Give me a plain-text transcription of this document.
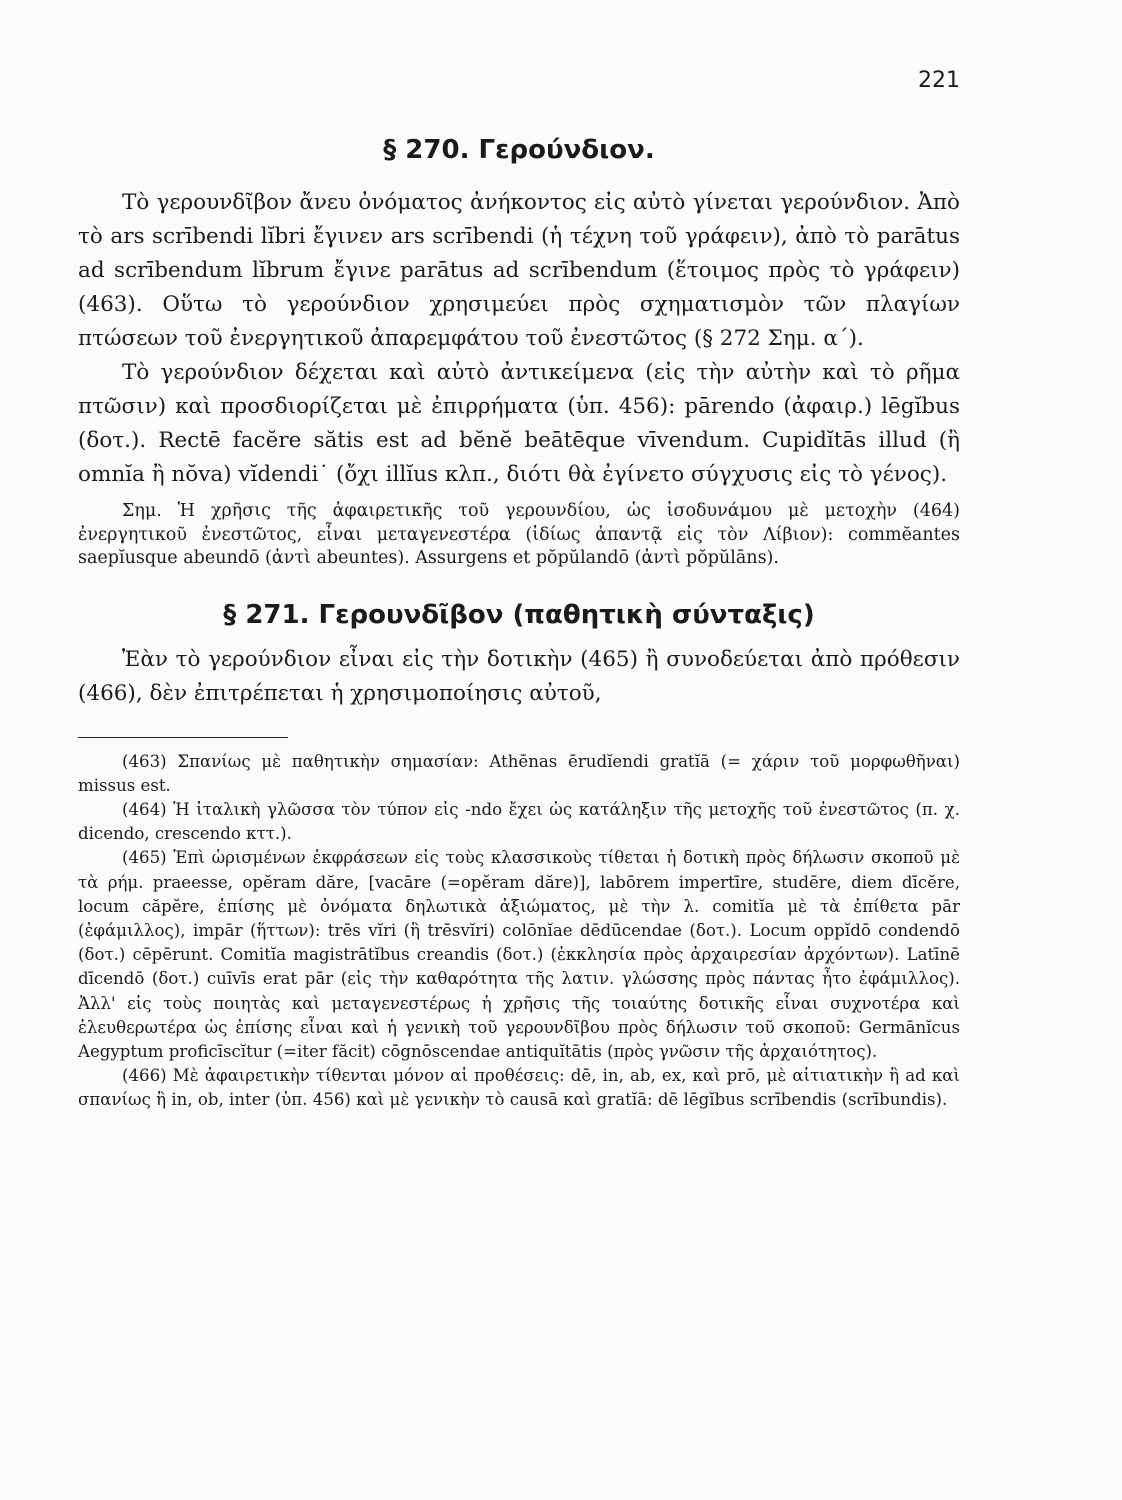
221
§ 270. Γερούνδιον.

Τὸ γερουνδῖβον ἄνευ ὀνόματος ἀνήκοντος εἰς αὐτὸ γίνεται γερούνδιον. Ἀπὸ τὸ ars scrībendi lĭbri ἔγινεν ars scrībendi (ἡ τέχνη τοῦ γράφειν), ἀπὸ τὸ parātus ad scrībendum lĭbrum ἔγινε parātus ad scrībendum (ἕτοιμος πρὸς τὸ γράφειν) (463). Οὕτω τὸ γερούνδιον χρησιμεύει πρὸς σχηματισμὸν τῶν πλαγίων πτώσεων τοῦ ἐνεργητικοῦ ἀπαρεμφάτου τοῦ ἐνεστῶτος (§ 272 Σημ. α΄).

Τὸ γερούνδιον δέχεται καὶ αὐτὸ ἀντικείμενα (εἰς τὴν αὐτὴν καὶ τὸ ρῆμα πτῶσιν) καὶ προσδιορίζεται μὲ ἐπιρρήματα (ὑπ. 456): pārendo (ἀφαιρ.) lēgĭbus (δοτ.). Rectē facĕre sătis est ad bĕnĕ beātēque vīvendum. Cupidĭtās illud (ἢ omnĭa ἢ nŏva) vĭdendi˙ (ὄχι illĭus κλπ., διότι θὰ ἐγίνετο σύγχυσις εἰς τὸ γένος).

Σημ. Ἡ χρῆσις τῆς ἀφαιρετικῆς τοῦ γερουνδίου, ὡς ἰσοδυνάμου μὲ μετοχὴν (464) ἐνεργητικοῦ ἐνεστῶτος, εἶναι μεταγενεστέρα (ἰδίως ἀπαντᾷ εἰς τὸν Λίβιον): commĕantes saepĭusque abeundō (ἀντὶ abeuntes). Assurgens et pŏpŭlandō (ἀντὶ pŏpŭlāns).

§ 271. Γερουνδῖβον (παθητικὴ σύνταξις)

Ἐὰν τὸ γερούνδιον εἶναι εἰς τὴν δοτικὴν (465) ἢ συνοδεύεται ἀπὸ πρόθεσιν (466), δὲν ἐπιτρέπεται ἡ χρησιμοποίησις αὐτοῦ,

(463) Σπανίως μὲ παθητικὴν σημασίαν: Athēnas ērudĭendi gratĭā (= χάριν τοῦ μορφωθῆναι) missus est.

(464) Ἡ ἰταλικὴ γλῶσσα τὸν τύπον εἰς -ndo ἔχει ὡς κατάληξιν τῆς μετοχῆς τοῦ ἐνεστῶτος (π. χ. dicendo, crescendo κττ.).

(465) Ἐπὶ ὡρισμένων ἐκφράσεων εἰς τοὺς κλασσικοὺς τίθεται ἡ δοτικὴ πρὸς δήλωσιν σκοποῦ μὲ τὰ ρήμ. praeesse, opĕram dăre, [vacāre (=opĕram dăre)], labōrem impertīre, studēre, diem dīcĕre, locum căpĕre, ἐπίσης μὲ ὀνόματα δηλωτικὰ ἀξιώματος, μὲ τὴν λ. comitĭa μὲ τὰ ἐπίθετα pār (ἐφάμιλλος), impār (ἥττων): trēs vĭri (ἢ trēsvĭri) colōnĭae dēdūcendae (δοτ.). Locum oppĭdō condendō (δοτ.) cēpērunt. Comitĭa magistrātĭbus creandis (δοτ.) (ἐκκλησία πρὸς ἀρχαιρεσίαν ἀρχόντων). Latīnē dīcendō (δοτ.) cuīvīs erat pār (εἰς τὴν καθαρότητα τῆς λατιν. γλώσσης πρὸς πάντας ἦτο ἐφάμιλλος). Ἀλλ' εἰς τοὺς ποιητὰς καὶ μεταγενεστέρως ἡ χρῆσις τῆς τοιαύτης δοτικῆς εἶναι συχνοτέρα καὶ ἐλευθερωτέρα ὡς ἐπίσης εἶναι καὶ ἡ γενικὴ τοῦ γερουνδῖβου πρὸς δήλωσιν τοῦ σκοποῦ: Germānĭcus Aegyptum proficīscĭtur (=iter făcit) cōgnōscendae antiquĭtātis (πρὸς γνῶσιν τῆς ἀρχαιότητος).

(466) Μὲ ἀφαιρετικὴν τίθενται μόνον αἱ προθέσεις: dē, in, ab, ex, καὶ prō, μὲ αἰτιατικὴν ἢ ad καὶ σπανίως ἢ in, ob, inter (ὑπ. 456) καὶ μὲ γενικὴν τὸ causā καὶ gratĭā: dē lēgĭbus scrībendis (scrībundis).
